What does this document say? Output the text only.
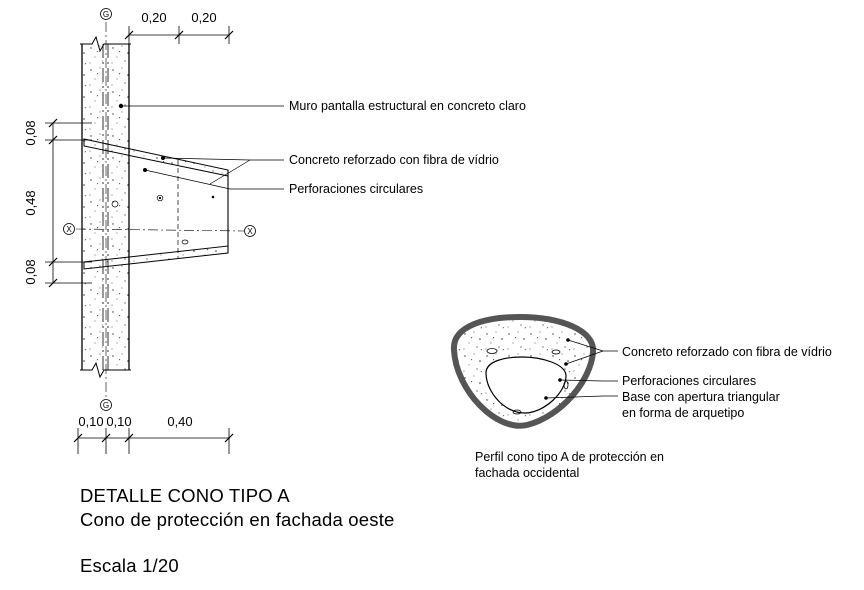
G
G
X	X
0,20 0,20
0,08
0,48
0,08
0,10 0,10	0,40
Muro pantalla estructural en concreto claro
Concreto reforzado con fibra de vídrio
Perforaciones circulares
Concreto reforzado con fibra de vídrio
Perforaciones circulares
Base con apertura triangular
en forma de arquetipo
Perfil cono tipo A de protección en
fachada occidental
DETALLE CONO TIPO A
Cono de protección en fachada oeste
Escala 1/20
